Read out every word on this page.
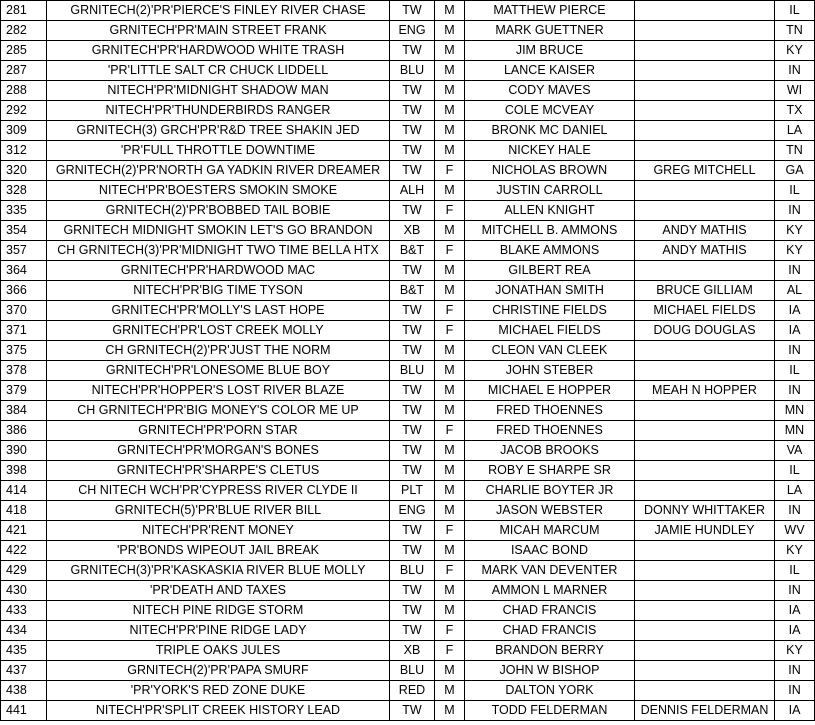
281	GRNITECH(2)'PR'PIERCE'S FINLEY RIVER CHASE	TW	M	MATTHEW PIERCE		IL
282	GRNITECH'PR'MAIN STREET FRANK	ENG	M	MARK GUETTNER		TN
285	GRNITECH'PR'HARDWOOD WHITE TRASH	TW	M	JIM BRUCE		KY
287	'PR'LITTLE SALT CR CHUCK LIDDELL	BLU	M	LANCE KAISER		IN
288	NITECH'PR'MIDNIGHT SHADOW MAN	TW	M	CODY MAVES		WI
292	NITECH'PR'THUNDERBIRDS RANGER	TW	M	COLE MCVEAY		TX
309	GRNITECH(3) GRCH'PR'R&D TREE SHAKIN JED	TW	M	BRONK MC DANIEL		LA
312	'PR'FULL THROTTLE DOWNTIME	TW	M	NICKEY HALE		TN
320	GRNITECH(2)'PR'NORTH GA YADKIN RIVER DREAMER	TW	F	NICHOLAS BROWN	GREG MITCHELL	GA
328	NITECH'PR'BOESTERS SMOKIN SMOKE	ALH	M	JUSTIN CARROLL		IL
335	GRNITECH(2)'PR'BOBBED TAIL BOBIE	TW	F	ALLEN KNIGHT		IN
354	GRNITECH MIDNIGHT SMOKIN LET'S GO BRANDON	XB	M	MITCHELL B. AMMONS	ANDY MATHIS	KY
357	CH GRNITECH(3)'PR'MIDNIGHT TWO TIME BELLA HTX	B&T	F	BLAKE AMMONS	ANDY MATHIS	KY
364	GRNITECH'PR'HARDWOOD MAC	TW	M	GILBERT REA		IN
366	NITECH'PR'BIG TIME TYSON	B&T	M	JONATHAN SMITH	BRUCE GILLIAM	AL
370	GRNITECH'PR'MOLLY'S LAST HOPE	TW	F	CHRISTINE FIELDS	MICHAEL FIELDS	IA
371	GRNITECH'PR'LOST CREEK MOLLY	TW	F	MICHAEL FIELDS	DOUG DOUGLAS	IA
375	CH GRNITECH(2)'PR'JUST THE NORM	TW	M	CLEON VAN CLEEK		IN
378	GRNITECH'PR'LONESOME BLUE BOY	BLU	M	JOHN STEBER		IL
379	NITECH'PR'HOPPER'S LOST RIVER BLAZE	TW	M	MICHAEL E HOPPER	MEAH N HOPPER	IN
384	CH GRNITECH'PR'BIG MONEY'S COLOR ME UP	TW	M	FRED THOENNES		MN
386	GRNITECH'PR'PORN STAR	TW	F	FRED THOENNES		MN
390	GRNITECH'PR'MORGAN'S BONES	TW	M	JACOB BROOKS		VA
398	GRNITECH'PR'SHARPE'S CLETUS	TW	M	ROBY E SHARPE SR		IL
414	CH NITECH WCH'PR'CYPRESS RIVER CLYDE II	PLT	M	CHARLIE BOYTER JR		LA
418	GRNITECH(5)'PR'BLUE RIVER BILL	ENG	M	JASON WEBSTER	DONNY WHITTAKER	IN
421	NITECH'PR'RENT MONEY	TW	F	MICAH MARCUM	JAMIE HUNDLEY	WV
422	'PR'BONDS WIPEOUT JAIL BREAK	TW	M	ISAAC BOND		KY
429	GRNITECH(3)'PR'KASKASKIA RIVER BLUE MOLLY	BLU	F	MARK VAN DEVENTER		IL
430	'PR'DEATH AND TAXES	TW	M	AMMON L MARNER		IN
433	NITECH PINE RIDGE STORM	TW	M	CHAD FRANCIS		IA
434	NITECH'PR'PINE RIDGE LADY	TW	F	CHAD FRANCIS		IA
435	TRIPLE OAKS JULES	XB	F	BRANDON BERRY		KY
437	GRNITECH(2)'PR'PAPA SMURF	BLU	M	JOHN W BISHOP		IN
438	'PR'YORK'S RED ZONE DUKE	RED	M	DALTON YORK		IN
441	NITECH'PR'SPLIT CREEK HISTORY LEAD	TW	M	TODD FELDERMAN	DENNIS FELDERMAN	IA
